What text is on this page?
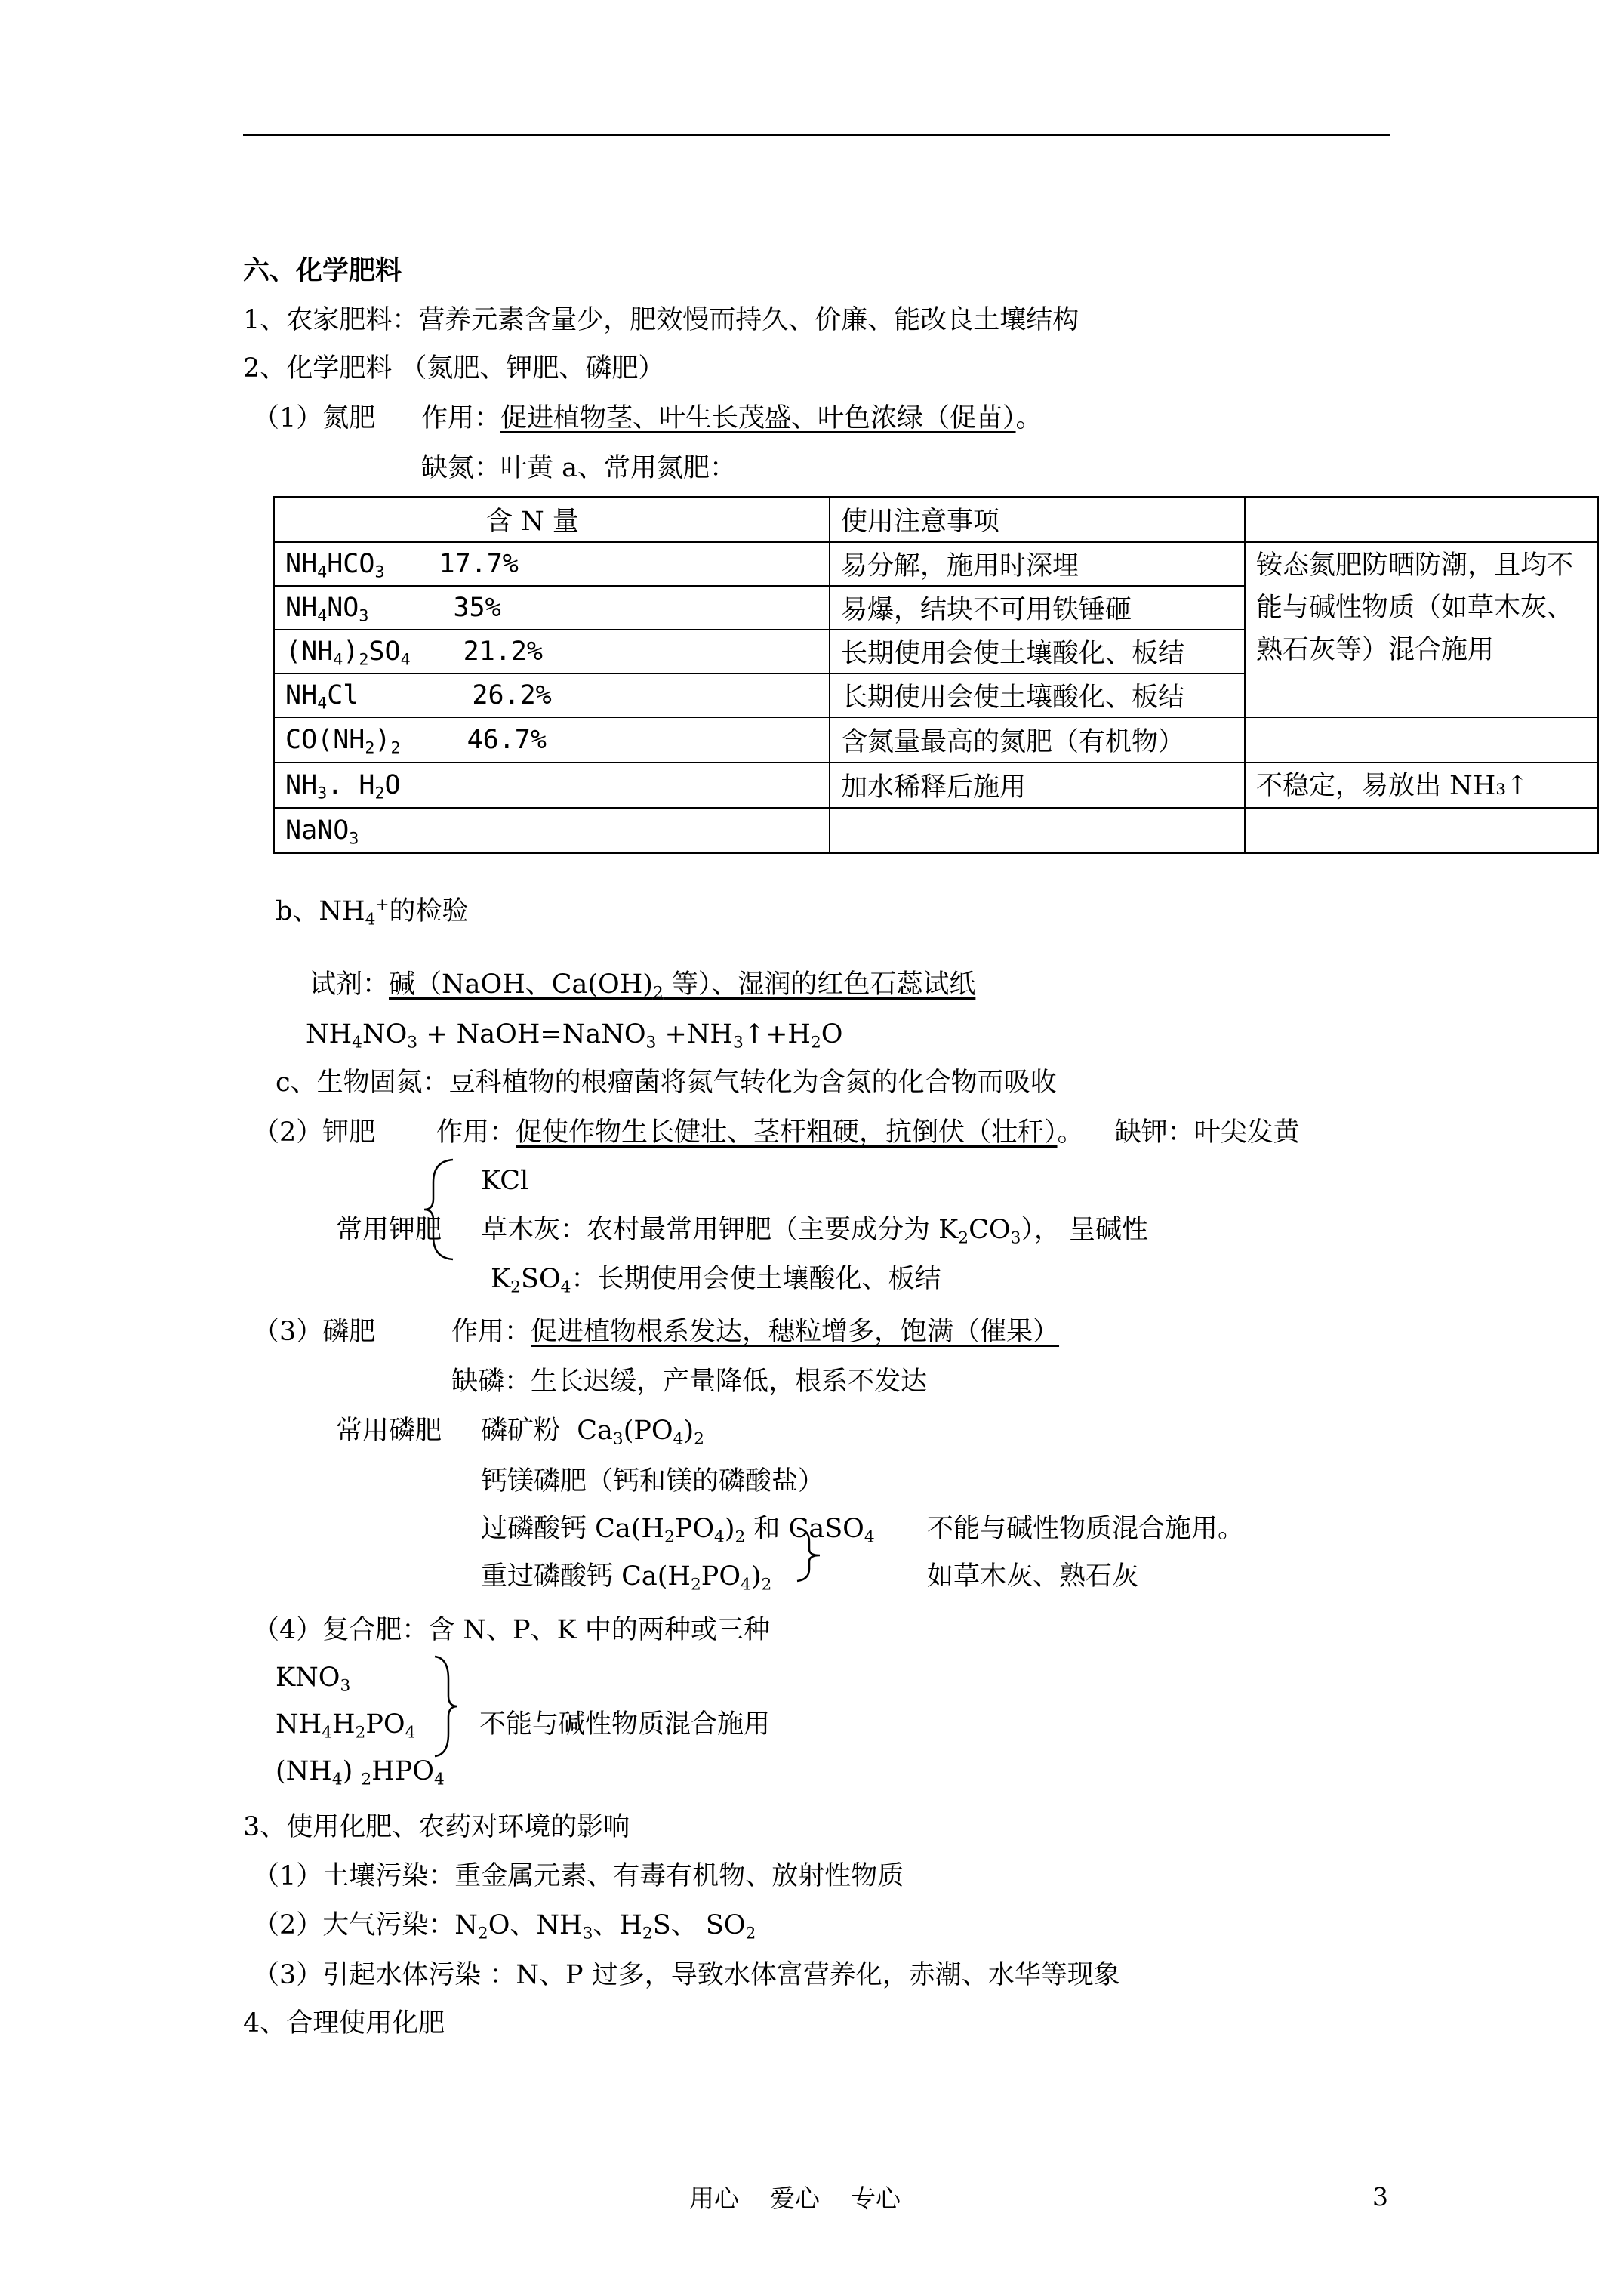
六、化学肥料
1、农家肥料：营养元素含量少，肥效慢而持久、价廉、能改良土壤结构
2、化学肥料 （氮肥、钾肥、磷肥）
（1）氮肥 作用：促进植物茎、叶生长茂盛、叶色浓绿（促苗）。
缺氮：叶黄 a、常用氮肥：
含 N 量	使用注意事项	
$NH_4HCO_3$ 17.7%	易分解，施用时深埋	铵态氮肥防晒防潮，且均不能与碱性物质（如草木灰、熟石灰等）混合施用
$NH_4NO_3$ 35%	易爆，结块不可用铁锤砸	
$(NH_4)_2SO_4$ 21.2%	长期使用会使土壤酸化、板结	
$NH_4Cl$ 26.2%	长期使用会使土壤酸化、板结	
$CO(NH_2)_2$ 46.7%	含氮量最高的氮肥（有机物）	
$NH_3$. $H_2O$	加水稀释后施用	不稳定，易放出 NH₃↑
NaNO$_3$		
b、$NH_4^+$的检验
试剂：碱（NaOH、$Ca(OH)_2$ 等）、湿润的红色石蕊试纸
$NH_4NO_3$ + NaOH=NaNO$_3$ $+NH_3↑+H_2O$
c、生物固氮：豆科植物的根瘤菌将氮气转化为含氮的化合物而吸收
（2）钾肥 作用：促使作物生长健壮、茎杆粗硬，抗倒伏（壮秆）。 缺钾：叶尖发黄
KCl
常用钾肥 草木灰：农村最常用钾肥（主要成分为 $K_2CO_3$）， 呈碱性
$K_2SO_4$：长期使用会使土壤酸化、板结
（3）磷肥	作用：促进植物根系发达，穗粒增多，饱满（催果）
缺磷：生长迟缓，产量降低，根系不发达
常用磷肥 磷矿粉  $Ca_3(PO_4)_2$
钙镁磷肥（钙和镁的磷酸盐）
过磷酸钙 $Ca(H_2PO_4)_2$ 和 CaSO$_4$
重过磷酸钙 $Ca(H_2PO_4)_2$
不能与碱性物质混合施用。
如草木灰、熟石灰
（4）复合肥：含 N、P、K 中的两种或三种
$KNO_3$
$NH_4H_2PO_4$
$(NH_4)$ $_2HPO_4$
不能与碱性物质混合施用
3、使用化肥、农药对环境的影响
（1）土壤污染：重金属元素、有毒有机物、放射性物质
（2）大气污染：$N_2O$、$NH_3$、$H_2S$、 $SO_2$
（3）引起水体污染 ：N、P 过多，导致水体富营养化，赤潮、水华等现象
4、合理使用化肥
用心 爱心 专心	3
